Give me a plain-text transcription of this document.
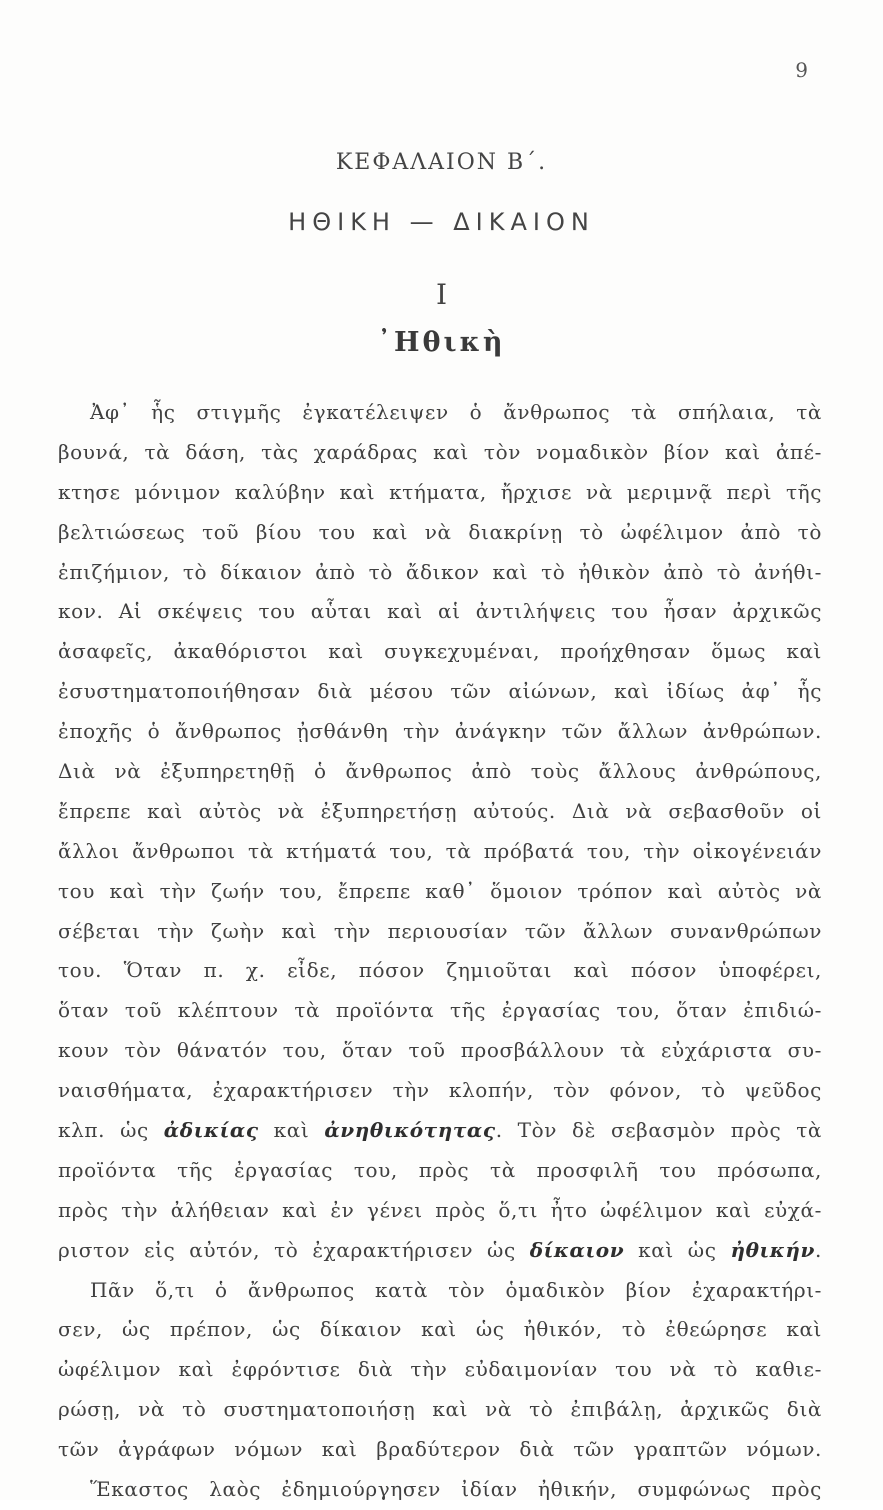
9
ΚΕΦΑΛΑΙΟΝ Β΄.
ΗΘΙΚΗ — ΔΙΚΑΙΟΝ
I
᾿Ηθικὴ
Ἀφ᾿ ἧς στιγμῆς ἐγκατέλειψεν ὁ ἄνθρωπος τὰ σπήλαια, τὰ
βουνά, τὰ δάση, τὰς χαράδρας καὶ τὸν νομαδικὸν βίον καὶ ἀπέ-
κτησε μόνιμον καλύβην καὶ κτήματα, ἤρχισε νὰ μεριμνᾷ περὶ τῆς
βελτιώσεως τοῦ βίου του καὶ νὰ διακρίνῃ τὸ ὠφέλιμον ἀπὸ τὸ
ἐπιζήμιον, τὸ δίκαιον ἀπὸ τὸ ἄδικον καὶ τὸ ἠθικὸν ἀπὸ τὸ ἀνήθι-
κον. Αἱ σκέψεις του αὗται καὶ αἱ ἀντιλήψεις του ἦσαν ἀρχικῶς
ἀσαφεῖς, ἀκαθόριστοι καὶ συγκεχυμέναι, προήχθησαν ὅμως καὶ
ἐσυστηματοποιήθησαν διὰ μέσου τῶν αἰώνων, καὶ ἰδίως ἀφ᾿ ἧς
ἐποχῆς ὁ ἄνθρωπος ᾐσθάνθη τὴν ἀνάγκην τῶν ἄλλων ἀνθρώπων.
Διὰ νὰ ἐξυπηρετηθῇ ὁ ἄνθρωπος ἀπὸ τοὺς ἄλλους ἀνθρώπους,
ἔπρεπε καὶ αὐτὸς νὰ ἐξυπηρετήσῃ αὐτούς. Διὰ νὰ σεβασθοῦν οἱ
ἄλλοι ἄνθρωποι τὰ κτήματά του, τὰ πρόβατά του, τὴν οἰκογένειάν
του καὶ τὴν ζωήν του, ἔπρεπε καθ᾿ ὅμοιον τρόπον καὶ αὐτὸς νὰ
σέβεται τὴν ζωὴν καὶ τὴν περιουσίαν τῶν ἄλλων συνανθρώπων
του. Ὅταν π. χ. εἶδε, πόσον ζημιοῦται καὶ πόσον ὑποφέρει,
ὅταν τοῦ κλέπτουν τὰ προϊόντα τῆς ἐργασίας του, ὅταν ἐπιδιώ-
κουν τὸν θάνατόν του, ὅταν τοῦ προσβάλλουν τὰ εὐχάριστα συ-
ναισθήματα, ἐχαρακτήρισεν τὴν κλοπήν, τὸν φόνον, τὸ ψεῦδος
κλπ. ὡς ἀδικίας καὶ ἀνηθικότητας. Τὸν δὲ σεβασμὸν πρὸς τὰ
προϊόντα τῆς ἐργασίας του, πρὸς τὰ προσφιλῆ του πρόσωπα,
πρὸς τὴν ἀλήθειαν καὶ ἐν γένει πρὸς ὅ,τι ἦτο ὠφέλιμον καὶ εὐχά-
ριστον εἰς αὐτόν, τὸ ἐχαρακτήρισεν ὡς δίκαιον καὶ ὡς ἠθικήν.
Πᾶν ὅ,τι ὁ ἄνθρωπος κατὰ τὸν ὁμαδικὸν βίον ἐχαρακτήρι-
σεν, ὡς πρέπον, ὡς δίκαιον καὶ ὡς ἠθικόν, τὸ ἐθεώρησε καὶ
ὠφέλιμον καὶ ἐφρόντισε διὰ τὴν εὐδαιμονίαν του νὰ τὸ καθιε-
ρώσῃ, νὰ τὸ συστηματοποιήσῃ καὶ νὰ τὸ ἐπιβάλῃ, ἀρχικῶς διὰ
τῶν ἀγράφων νόμων καὶ βραδύτερον διὰ τῶν γραπτῶν νόμων.
Ἕκαστος λαὸς ἐδημιούργησεν ἰδίαν ἠθικήν, συμφώνως πρὸς
